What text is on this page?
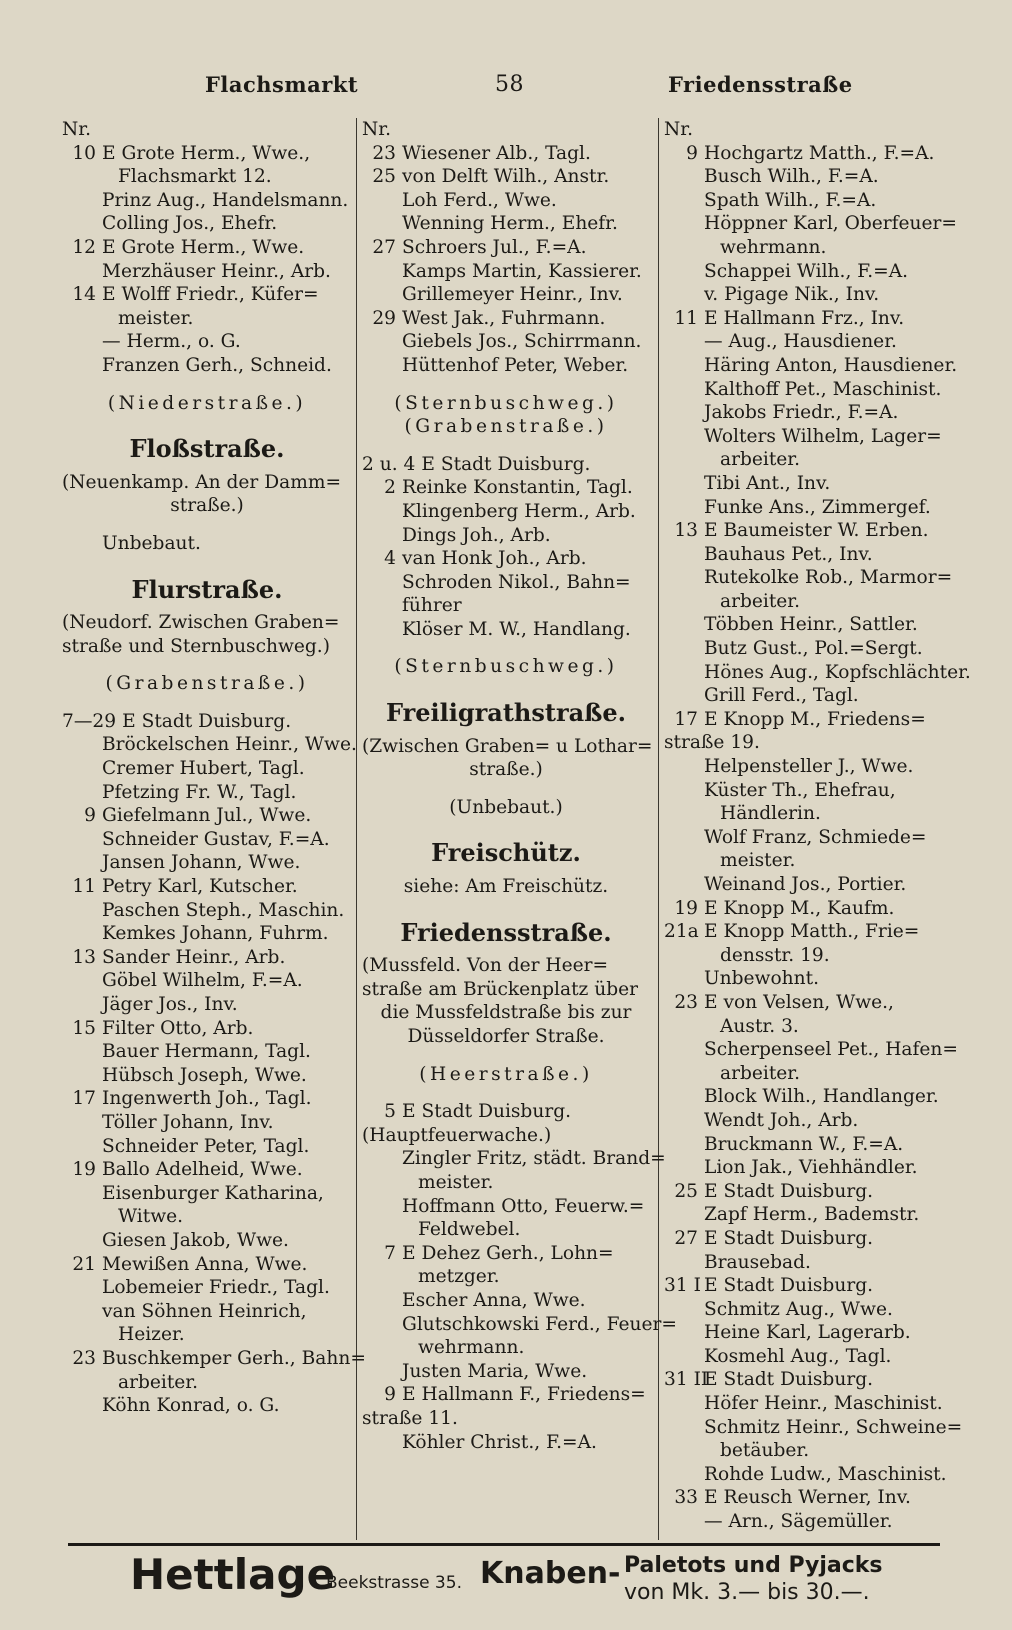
Flachsmarkt	58	Friedensstraße
Nr.
10 E Grote Herm., Wwe.,
Flachsmarkt 12.
Prinz Aug., Handelsmann.
Colling Jos., Ehefr.
12 E Grote Herm., Wwe.
Merzhäuser Heinr., Arb.
14 E Wolff Friedr., Küfer=
meister.
— Herm., o. G.
Franzen Gerh., Schneid.
(Niederstraße.)
Floßstraße.
(Neuenkamp. An der Damm=
straße.)
Unbebaut.
Flurstraße.
(Neudorf. Zwischen Graben=
straße und Sternbuschweg.)
(Grabenstraße.)
7—29 E Stadt Duisburg.
Bröckelschen Heinr., Wwe.
Cremer Hubert, Tagl.
Pfetzing Fr. W., Tagl.
9 Giefelmann Jul., Wwe.
Schneider Gustav, F.=A.
Jansen Johann, Wwe.
11 Petry Karl, Kutscher.
Paschen Steph., Maschin.
Kemkes Johann, Fuhrm.
13 Sander Heinr., Arb.
Göbel Wilhelm, F.=A.
Jäger Jos., Inv.
15 Filter Otto, Arb.
Bauer Hermann, Tagl.
Hübsch Joseph, Wwe.
17 Ingenwerth Joh., Tagl.
Töller Johann, Inv.
Schneider Peter, Tagl.
19 Ballo Adelheid, Wwe.
Eisenburger Katharina,
Witwe.
Giesen Jakob, Wwe.
21 Mewißen Anna, Wwe.
Lobemeier Friedr., Tagl.
van Söhnen Heinrich,
Heizer.
23 Buschkemper Gerh., Bahn=
arbeiter.
Köhn Konrad, o. G.
Nr.
23 Wiesener Alb., Tagl.
25 von Delft Wilh., Anstr.
Loh Ferd., Wwe.
Wenning Herm., Ehefr.
27 Schroers Jul., F.=A.
Kamps Martin, Kassierer.
Grillemeyer Heinr., Inv.
29 West Jak., Fuhrmann.
Giebels Jos., Schirrmann.
Hüttenhof Peter, Weber.
(Sternbuschweg.)
(Grabenstraße.)
2 u. 4 E Stadt Duisburg.
2 Reinke Konstantin, Tagl.
Klingenberg Herm., Arb.
Dings Joh., Arb.
4 van Honk Joh., Arb.
Schroden Nikol., Bahn=
führer
Klöser M. W., Handlang.
(Sternbuschweg.)
Freiligrathstraße.
(Zwischen Graben= u Lothar=
straße.)
(Unbebaut.)
Freischütz.
siehe: Am Freischütz.
Friedensstraße.
(Mussfeld. Von der Heer=
straße am Brückenplatz über
die Mussfeldstraße bis zur
Düsseldorfer Straße.
(Heerstraße.)
5 E Stadt Duisburg.
(Hauptfeuerwache.)
Zingler Fritz, städt. Brand=
meister.
Hoffmann Otto, Feuerw.=
Feldwebel.
7 E Dehez Gerh., Lohn=
metzger.
Escher Anna, Wwe.
Glutschkowski Ferd., Feuer=
wehrmann.
Justen Maria, Wwe.
9 E Hallmann F., Friedens=
straße 11.
Köhler Christ., F.=A.
Nr.
9 Hochgartz Matth., F.=A.
Busch Wilh., F.=A.
Spath Wilh., F.=A.
Höppner Karl, Oberfeuer=
wehrmann.
Schappei Wilh., F.=A.
v. Pigage Nik., Inv.
11 E Hallmann Frz., Inv.
— Aug., Hausdiener.
Häring Anton, Hausdiener.
Kalthoff Pet., Maschinist.
Jakobs Friedr., F.=A.
Wolters Wilhelm, Lager=
arbeiter.
Tibi Ant., Inv.
Funke Ans., Zimmergef.
13 E Baumeister W. Erben.
Bauhaus Pet., Inv.
Rutekolke Rob., Marmor=
arbeiter.
Többen Heinr., Sattler.
Butz Gust., Pol.=Sergt.
Hönes Aug., Kopfschlächter.
Grill Ferd., Tagl.
17 E Knopp M., Friedens=
straße 19.
Helpensteller J., Wwe.
Küster Th., Ehefrau,
Händlerin.
Wolf Franz, Schmiede=
meister.
Weinand Jos., Portier.
19 E Knopp M., Kaufm.
21a E Knopp Matth., Frie=
densstr. 19.
Unbewohnt.
23 E von Velsen, Wwe.,
Austr. 3.
Scherpenseel Pet., Hafen=
arbeiter.
Block Wilh., Handlanger.
Wendt Joh., Arb.
Bruckmann W., F.=A.
Lion Jak., Viehhändler.
25 E Stadt Duisburg.
Zapf Herm., Bademstr.
27 E Stadt Duisburg.
Brausebad.
31 I E Stadt Duisburg.
Schmitz Aug., Wwe.
Heine Karl, Lagerarb.
Kosmehl Aug., Tagl.
31 IIE Stadt Duisburg.
Höfer Heinr., Maschinist.
Schmitz Heinr., Schweine=
betäuber.
Rohde Ludw., Maschinist.
33 E Reusch Werner, Inv.
— Arn., Sägemüller.
Hettlage
Beekstrasse 35. Knaben- Paletots und Pyjacks
von Mk. 3.— bis 30.—.
